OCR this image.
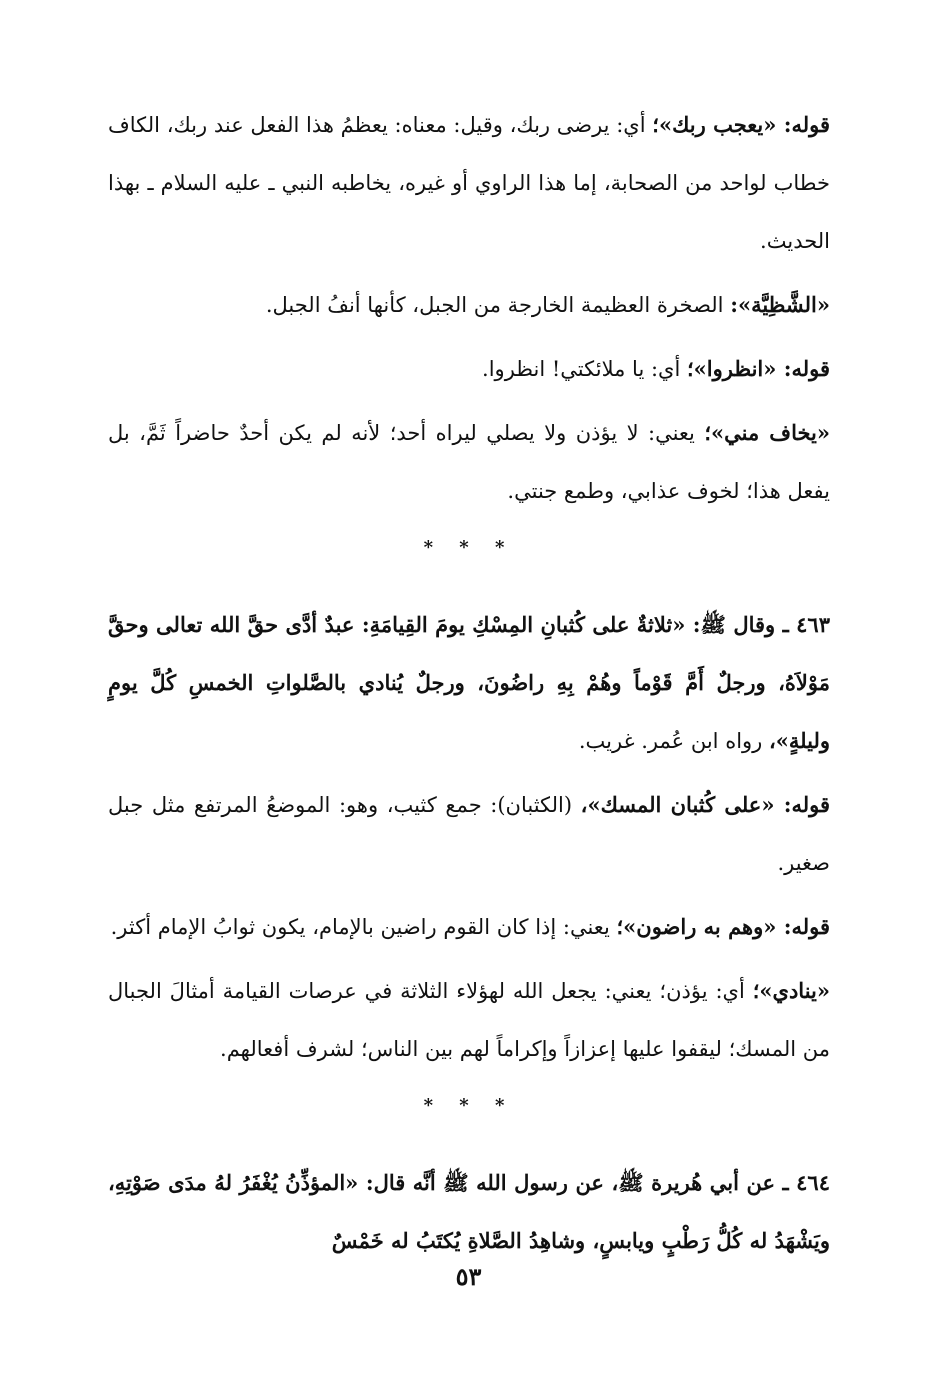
قوله: «يعجب ربك»؛ أي: يرضى ربك، وقيل: معناه: يعظمُ هذا الفعل عند ربك، الكاف خطاب لواحد من الصحابة، إما هذا الراوي أو غيره، يخاطبه النبي ـ عليه السلام ـ بهذا الحديث.

«الشَّظِيَّة»: الصخرة العظيمة الخارجة من الجبل، كأنها أنفُ الجبل.

قوله: «انظروا»؛ أي: يا ملائكتي! انظروا.

«يخاف مني»؛ يعني: لا يؤذن ولا يصلي ليراه أحد؛ لأنه لم يكن أحدٌ حاضراً ثَمَّ، بل يفعل هذا؛ لخوف عذابي، وطمع جنتي.

* * *

٤٦٣ ـ وقال ﷺ: «ثلاثةٌ على كُثبانِ المِسْكِ يومَ القِيامَةِ: عبدٌ أدَّى حقَّ الله تعالى وحقَّ مَوْلاَهُ، ورجلٌ أَمَّ قَوْماً وهُمْ بِهِ راضُونَ، ورجلٌ يُنادي بالصَّلواتِ الخمسِ كُلَّ يومٍ وليلةٍ»، رواه ابن عُمر. غريب.

قوله: «على كُثبان المسك»، (الكثبان): جمع كثيب، وهو: الموضعُ المرتفع مثل جبل صغير.

قوله: «وهم به راضون»؛ يعني: إذا كان القوم راضين بالإمام، يكون ثوابُ الإمام أكثر.

«ينادي»؛ أي: يؤذن؛ يعني: يجعل الله لهؤلاء الثلاثة في عرصات القيامة أمثالَ الجبال من المسك؛ ليقفوا عليها إعزازاً وإكراماً لهم بين الناس؛ لشرف أفعالهم.

* * *

٤٦٤ ـ عن أبي هُريرة ﷺ، عن رسول الله ﷺ أنَّه قال: «المؤذِّنُ يُغْفَرُ لهُ مدَى صَوْتِهِ، ويَشْهَدُ له كُلُّ رَطْبٍ ويابسٍ، وشاهِدُ الصَّلاةِ يُكتَبُ له خَمْسٌ

٥٣
